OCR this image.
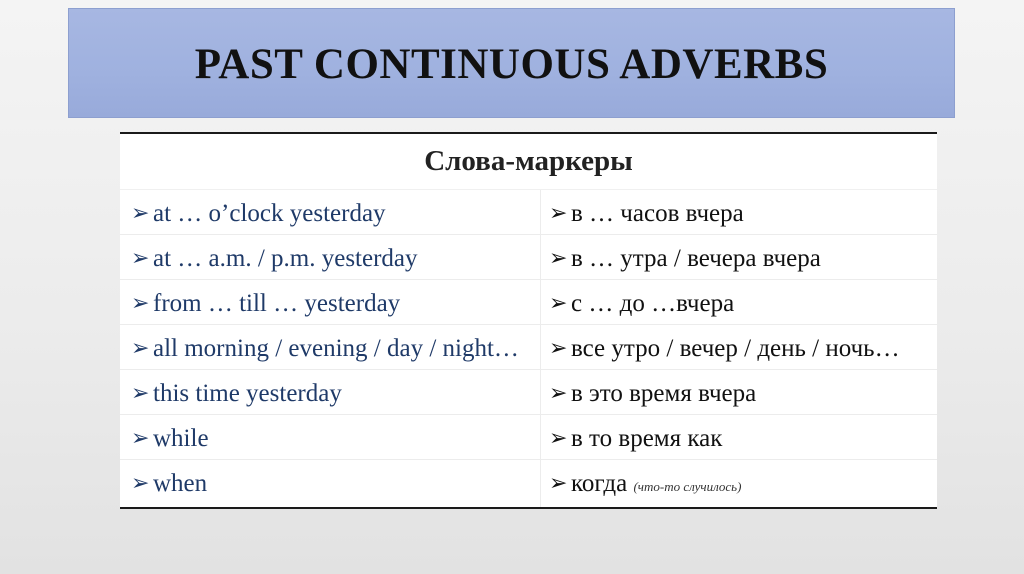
PAST CONTINUOUS ADVERBS
Слова-маркеры
➢ at … o’clock yesterday	➢ в … часов вчера

➢ at … a.m. / p.m. yesterday	➢ в … утра / вечера вчера

➢ from … till … yesterday	➢ с … до …вчера

➢ all morning / evening / day / night…	➢ все утро / вечер / день / ночь…

➢ this time yesterday	➢ в это время вчера

➢ while	➢ в то время как

➢ when	➢ когда (что-то случилось)
